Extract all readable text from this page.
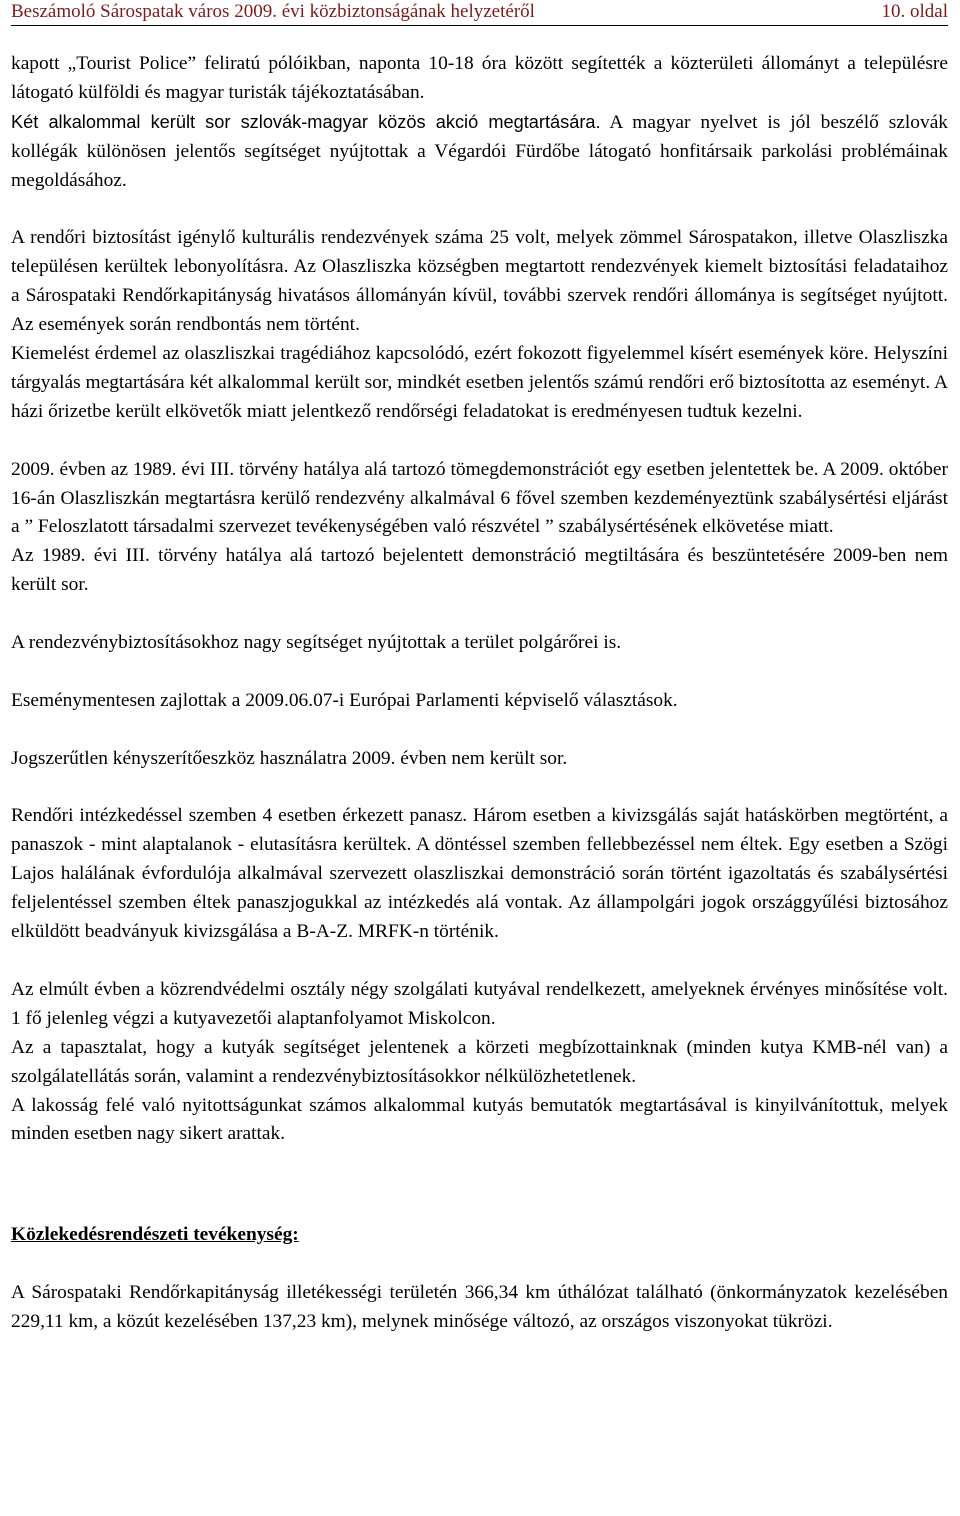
Beszámoló Sárospatak város 2009. évi közbiztonságának helyzetéről	10. oldal

kapott „Tourist Police” feliratú pólóikban, naponta 10-18 óra között segítették a közterületi állományt a településre látogató külföldi és magyar turisták tájékoztatásában.
Két alkalommal került sor szlovák-magyar közös akció megtartására. A magyar nyelvet is jól beszélő szlovák kollégák különösen jelentős segítséget nyújtottak a Végardói Fürdőbe látogató honfitársaik parkolási problémáinak megoldásához.

A rendőri biztosítást igénylő kulturális rendezvények száma 25 volt, melyek zömmel Sárospatakon, illetve Olaszliszka településen kerültek lebonyolításra. Az Olaszliszka községben megtartott rendezvények kiemelt biztosítási feladataihoz a Sárospataki Rendőrkapitányság hivatásos állományán kívül, további szervek rendőri állománya is segítséget nyújtott. Az események során rendbontás nem történt.

Kiemelést érdemel az olaszliszkai tragédiához kapcsolódó, ezért fokozott figyelemmel kísért események köre. Helyszíni tárgyalás megtartására két alkalommal került sor, mindkét esetben jelentős számú rendőri erő biztosította az eseményt. A házi őrizetbe került elkövetők miatt jelentkező rendőrségi feladatokat is eredményesen tudtuk kezelni.

2009. évben az 1989. évi III. törvény hatálya alá tartozó tömegdemonstrációt egy esetben jelentettek be. A 2009. október 16-án Olaszliszkán megtartásra kerülő rendezvény alkalmával 6 fővel szemben kezdeményeztünk szabálysértési eljárást a ” Feloszlatott társadalmi szervezet tevékenységében való részvétel ” szabálysértésének elkövetése miatt.

Az 1989. évi III. törvény hatálya alá tartozó bejelentett demonstráció megtiltására és beszüntetésére 2009-ben nem került sor.

A rendezvénybiztosításokhoz nagy segítséget nyújtottak a terület polgárőrei is.

Eseménymentesen zajlottak a 2009.06.07-i Európai Parlamenti képviselő választások.

Jogszerűtlen kényszerítőeszköz használatra 2009. évben nem került sor.

Rendőri intézkedéssel szemben 4 esetben érkezett panasz. Három esetben a kivizsgálás saját hatáskörben megtörtént, a panaszok - mint alaptalanok - elutasításra kerültek. A döntéssel szemben fellebbezéssel nem éltek. Egy esetben a Szögi Lajos halálának évfordulója alkalmával szervezett olaszliszkai demonstráció során történt igazoltatás és szabálysértési feljelentéssel szemben éltek panaszjogukkal az intézkedés alá vontak. Az állampolgári jogok országgyűlési biztosához elküldött beadványuk kivizsgálása a B-A-Z. MRFK-n történik.

Az elmúlt évben a közrendvédelmi osztály négy szolgálati kutyával rendelkezett, amelyeknek érvényes minősítése volt. 1 fő jelenleg végzi a kutyavezetői alaptanfolyamot Miskolcon.

Az a tapasztalat, hogy a kutyák segítséget jelentenek a körzeti megbízottainknak (minden kutya KMB-nél van) a szolgálatellátás során, valamint a rendezvénybiztosításokkor nélkülözhetetlenek.

A lakosság felé való nyitottságunkat számos alkalommal kutyás bemutatók megtartásával is kinyilvánítottuk, melyek minden esetben nagy sikert arattak.

Közlekedésrendészeti tevékenység:

A Sárospataki Rendőrkapitányság illetékességi területén 366,34 km úthálózat található (önkormányzatok kezelésében 229,11 km, a közút kezelésében 137,23 km), melynek minősége változó, az országos viszonyokat tükrözi.
